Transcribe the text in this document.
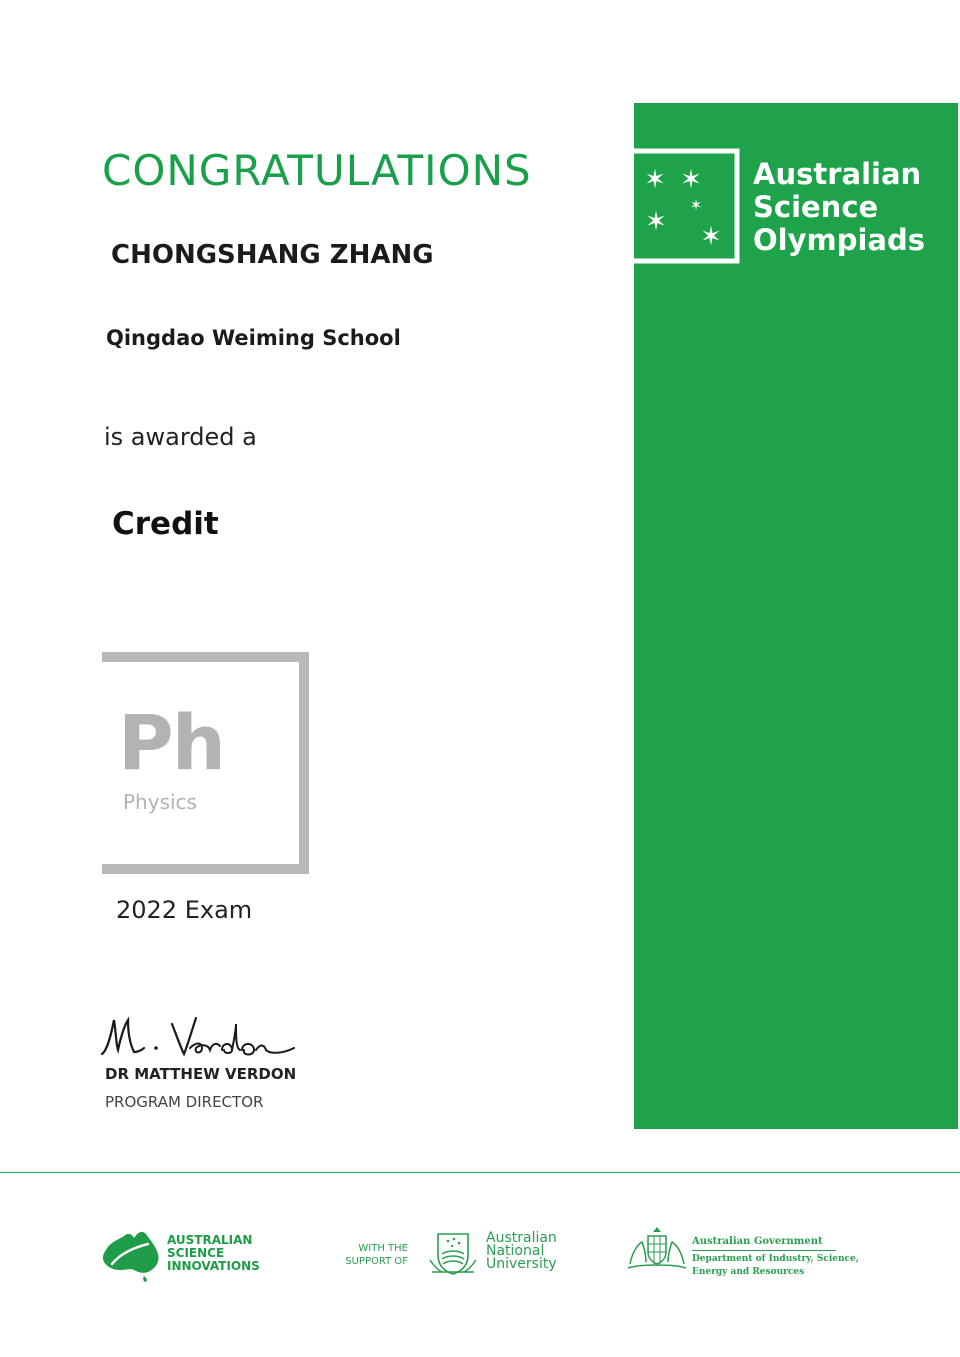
CONGRATULATIONS
CHONGSHANG ZHANG
Qingdao Weiming School
is awarded a
Credit
Ph
Physics
2022 Exam
DR MATTHEW VERDON
PROGRAM DIRECTOR
✶ ✶
✶
✶ ✶
Australian
Science
Olympiads
AUSTRALIAN
SCIENCE
INNOVATIONS
WITH THE
SUPPORT OF
Australian
National
University
Australian Government
Department of Industry, Science,
Energy and Resources
